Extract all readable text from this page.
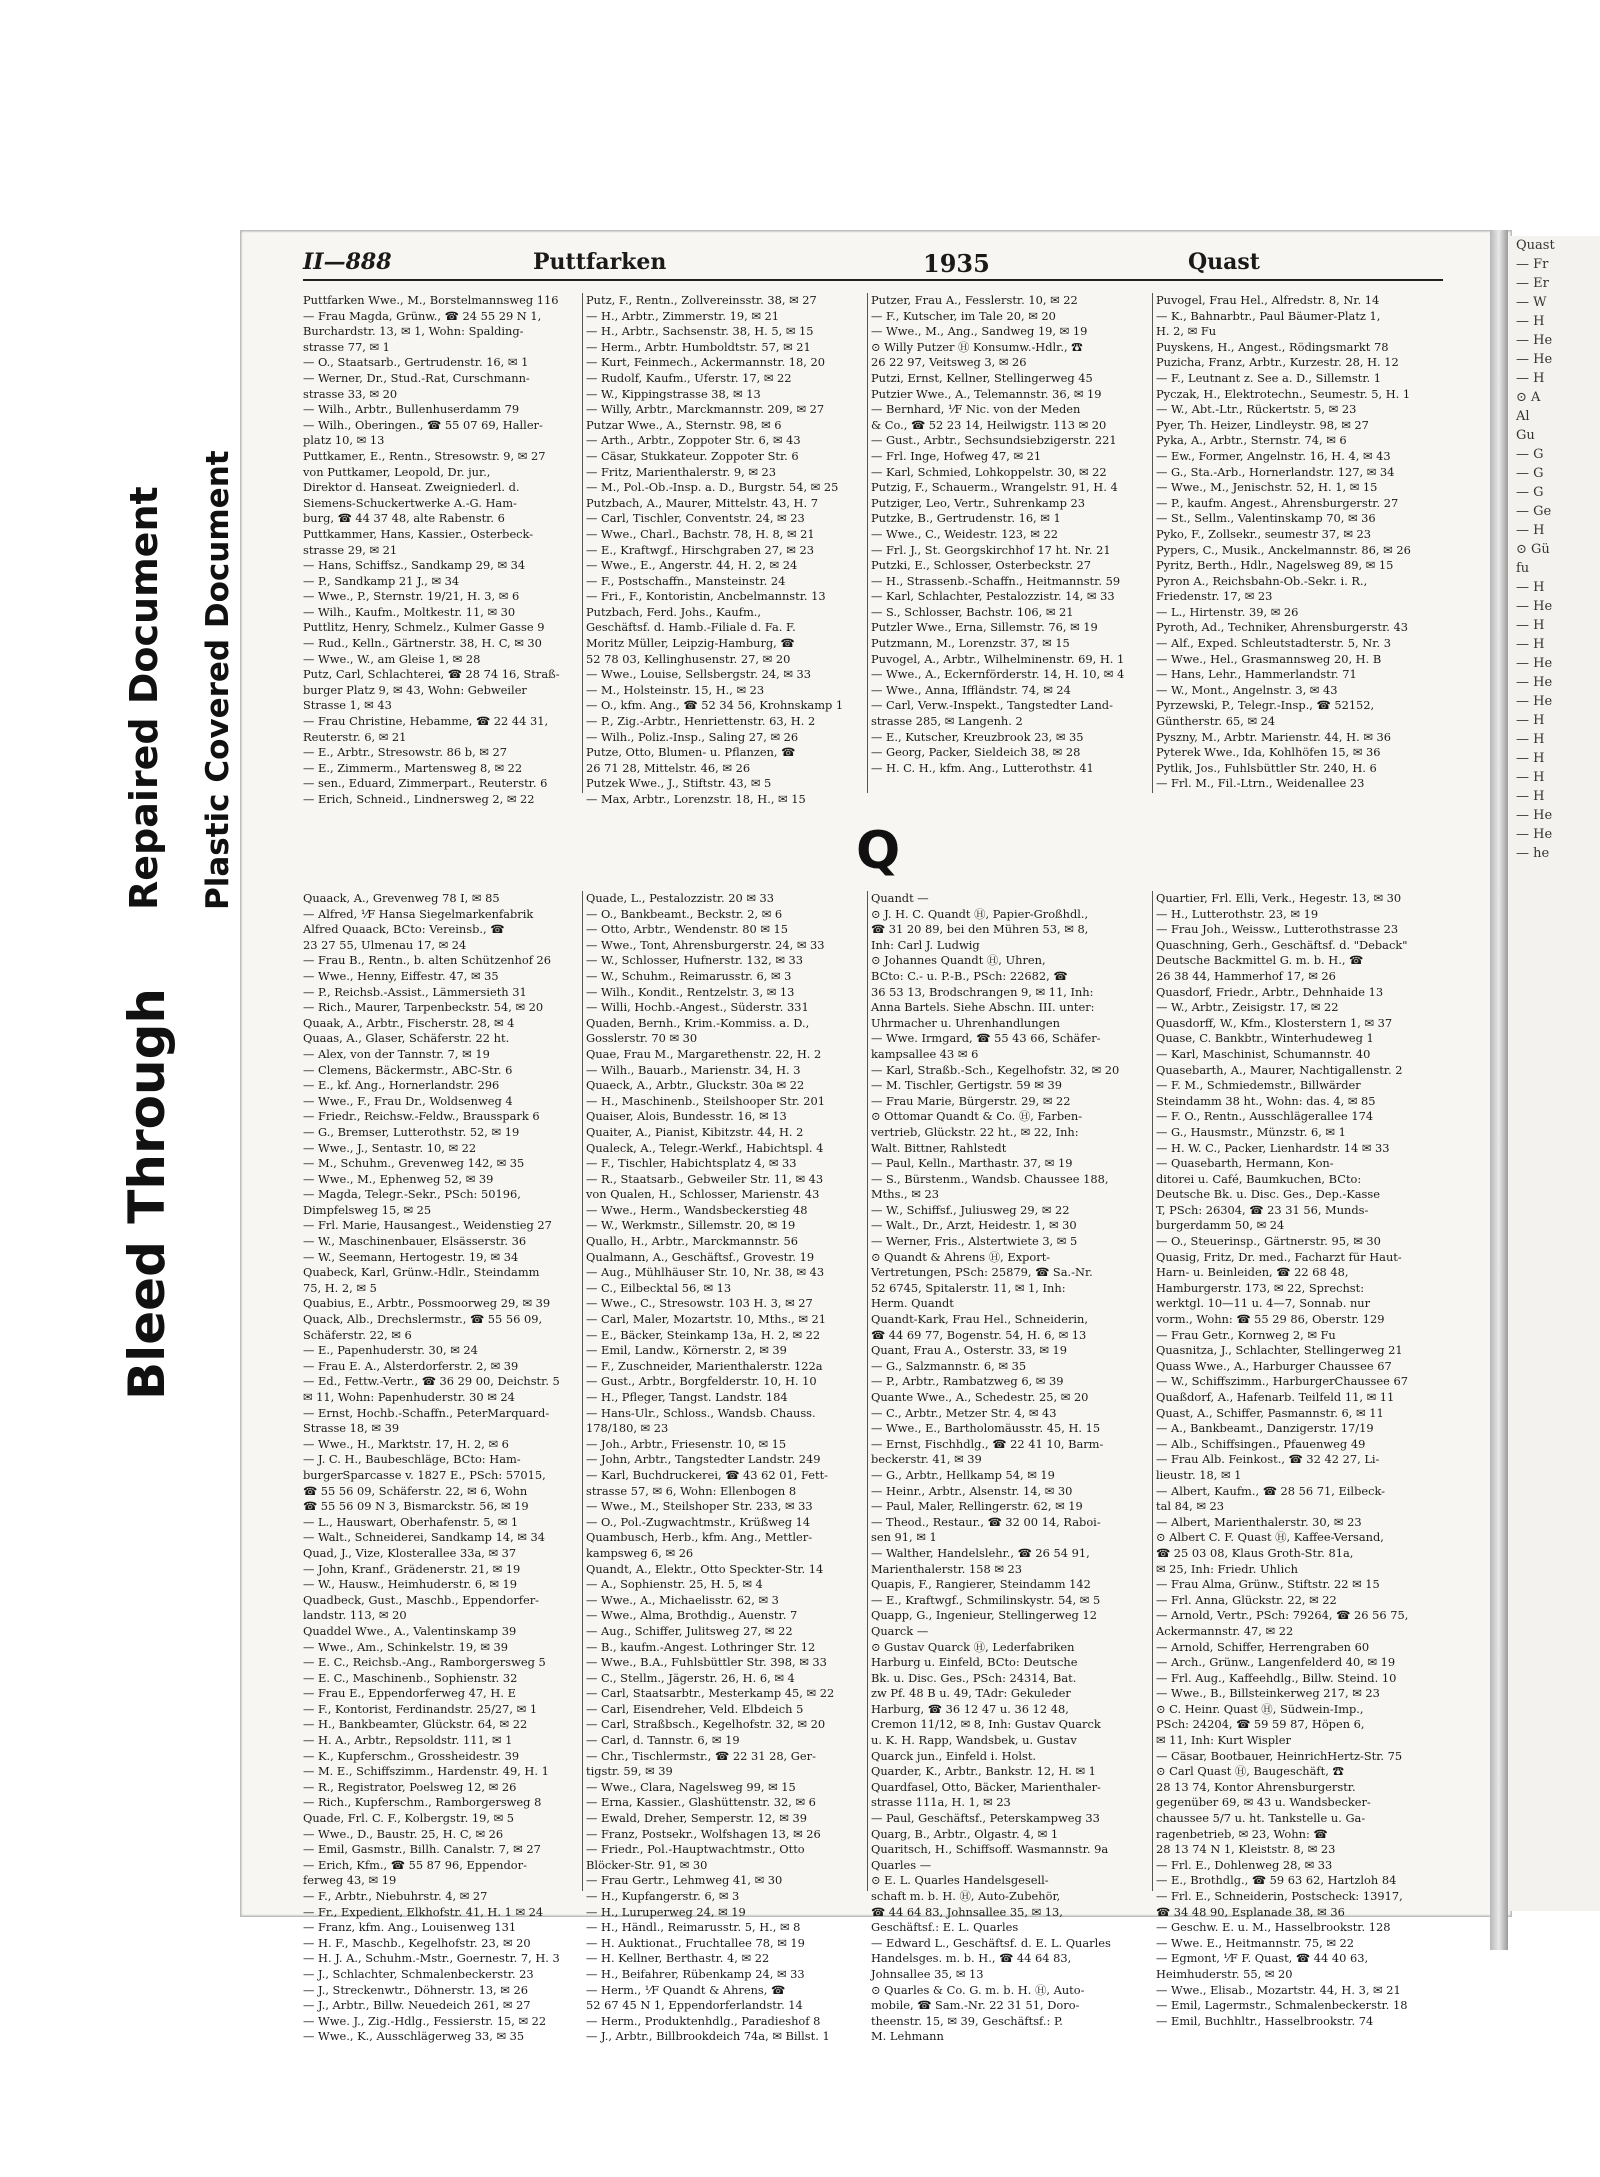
Bleed Through
Repaired Document Plastic Covered Document
II—888	Puttfarken	1935	Quast
Puttfarken Wwe., M., Borstelmannsweg 116
— Frau Magda, Grünw., ☎ 24 55 29 N 1,
Burchardstr. 13, ✉ 1, Wohn: Spalding-
strasse 77, ✉ 1
— O., Staatsarb., Gertrudenstr. 16, ✉ 1
— Werner, Dr., Stud.-Rat, Curschmann-
strasse 33, ✉ 20
— Wilh., Arbtr., Bullenhuserdamm 79
— Wilh., Oberingen., ☎ 55 07 69, Haller-
platz 10, ✉ 13
Puttkamer, E., Rentn., Stresowstr. 9, ✉ 27
von Puttkamer, Leopold, Dr. jur.,
Direktor d. Hanseat. Zweigniederl. d.
Siemens-Schuckertwerke A.-G. Ham-
burg, ☎ 44 37 48, alte Rabenstr. 6
Puttkammer, Hans, Kassier., Osterbeck-
strasse 29, ✉ 21
— Hans, Schiffsz., Sandkamp 29, ✉ 34
— P., Sandkamp 21 J., ✉ 34
— Wwe., P., Sternstr. 19/21, H. 3, ✉ 6
— Wilh., Kaufm., Moltkestr. 11, ✉ 30
Puttlitz, Henry, Schmelz., Kulmer Gasse 9
— Rud., Kelln., Gärtnerstr. 38, H. C, ✉ 30
— Wwe., W., am Gleise 1, ✉ 28
Putz, Carl, Schlachterei, ☎ 28 74 16, Straß-
burger Platz 9, ✉ 43, Wohn: Gebweiler
Strasse 1, ✉ 43
— Frau Christine, Hebamme, ☎ 22 44 31,
Reuterstr. 6, ✉ 21
— E., Arbtr., Stresowstr. 86 b, ✉ 27
— E., Zimmerm., Martensweg 8, ✉ 22
— sen., Eduard, Zimmerpart., Reuterstr. 6
— Erich, Schneid., Lindnersweg 2, ✉ 22
Putz, F., Rentn., Zollvereinsstr. 38, ✉ 27
— H., Arbtr., Zimmerstr. 19, ✉ 21
— H., Arbtr., Sachsenstr. 38, H. 5, ✉ 15
— Herm., Arbtr. Humboldtstr. 57, ✉ 21
— Kurt, Feinmech., Ackermannstr. 18, 20
— Rudolf, Kaufm., Uferstr. 17, ✉ 22
— W., Kippingstrasse 38, ✉ 13
— Willy, Arbtr., Marckmannstr. 209, ✉ 27
Putzar Wwe., A., Sternstr. 98, ✉ 6
— Arth., Arbtr., Zoppoter Str. 6, ✉ 43
— Cäsar, Stukkateur. Zoppoter Str. 6
— Fritz, Marienthalerstr. 9, ✉ 23
— M., Pol.-Ob.-Insp. a. D., Burgstr. 54, ✉ 25
Putzbach, A., Maurer, Mittelstr. 43, H. 7
— Carl, Tischler, Conventstr. 24, ✉ 23
— Wwe., Charl., Bachstr. 78, H. 8, ✉ 21
— E., Kraftwgf., Hirschgraben 27, ✉ 23
— Wwe., E., Angerstr. 44, H. 2, ✉ 24
— F., Postschaffn., Mansteinstr. 24
— Fri., F., Kontoristin, Ancbelmannstr. 13
Putzbach, Ferd. Johs., Kaufm.,
Geschäftsf. d. Hamb.-Filiale d. Fa. F.
Moritz Müller, Leipzig-Hamburg, ☎
52 78 03, Kellinghusenstr. 27, ✉ 20
— Wwe., Louise, Sellsbergstr. 24, ✉ 33
— M., Holsteinstr. 15, H., ✉ 23
— O., kfm. Ang., ☎ 52 34 56, Krohnskamp 1
— P., Zig.-Arbtr., Henriettenstr. 63, H. 2
— Wilh., Poliz.-Insp., Saling 27, ✉ 26
Putze, Otto, Blumen- u. Pflanzen, ☎
26 71 28, Mittelstr. 46, ✉ 26
Putzek Wwe., J., Stiftstr. 43, ✉ 5
— Max, Arbtr., Lorenzstr. 18, H., ✉ 15
Putzer, Frau A., Fesslerstr. 10, ✉ 22
— F., Kutscher, im Tale 20, ✉ 20
— Wwe., M., Ang., Sandweg 19, ✉ 19
⊙ Willy Putzer Ⓗ Konsumw.-Hdlr., ☎
26 22 97, Veitsweg 3, ✉ 26
Putzi, Ernst, Kellner, Stellingerweg 45
Putzier Wwe., A., Telemannstr. 36, ✉ 19
— Bernhard, ⅟F Nic. von der Meden
& Co., ☎ 52 23 14, Heilwigstr. 113 ✉ 20
— Gust., Arbtr., Sechsundsiebzigerstr. 221
— Frl. Inge, Hofweg 47, ✉ 21
— Karl, Schmied, Lohkoppelstr. 30, ✉ 22
Putzig, F., Schauerm., Wrangelstr. 91, H. 4
Putziger, Leo, Vertr., Suhrenkamp 23
Putzke, B., Gertrudenstr. 16, ✉ 1
— Wwe., C., Weidestr. 123, ✉ 22
— Frl. J., St. Georgskirchhof 17 ht. Nr. 21
Putzki, E., Schlosser, Osterbeckstr. 27
— H., Strassenb.-Schaffn., Heitmannstr. 59
— Karl, Schlachter, Pestalozzistr. 14, ✉ 33
— S., Schlosser, Bachstr. 106, ✉ 21
Putzler Wwe., Erna, Sillemstr. 76, ✉ 19
Putzmann, M., Lorenzstr. 37, ✉ 15
Puvogel, A., Arbtr., Wilhelminenstr. 69, H. 1
— Wwe., A., Eckernförderstr. 14, H. 10, ✉ 4
— Wwe., Anna, Iffländstr. 74, ✉ 24
— Carl, Verw.-Inspekt., Tangstedter Land-
strasse 285, ✉ Langenh. 2
— E., Kutscher, Kreuzbrook 23, ✉ 35
— Georg, Packer, Sieldeich 38, ✉ 28
— H. C. H., kfm. Ang., Lutterothstr. 41
Puvogel, Frau Hel., Alfredstr. 8, Nr. 14
— K., Bahnarbtr., Paul Bäumer-Platz 1,
H. 2, ✉ Fu
Puyskens, H., Angest., Rödingsmarkt 78
Puzicha, Franz, Arbtr., Kurzestr. 28, H. 12
— F., Leutnant z. See a. D., Sillemstr. 1
Pyczak, H., Elektrotechn., Seumestr. 5, H. 1
— W., Abt.-Ltr., Rückertstr. 5, ✉ 23
Pyer, Th. Heizer, Lindleystr. 98, ✉ 27
Pyka, A., Arbtr., Sternstr. 74, ✉ 6
— Ew., Former, Angelnstr. 16, H. 4, ✉ 43
— G., Sta.-Arb., Hornerlandstr. 127, ✉ 34
— Wwe., M., Jenischstr. 52, H. 1, ✉ 15
— P., kaufm. Angest., Ahrensburgerstr. 27
— St., Sellm., Valentinskamp 70, ✉ 36
Pyko, F., Zollsekr., seumestr 37, ✉ 23
Pypers, C., Musik., Anckelmannstr. 86, ✉ 26
Pyritz, Berth., Hdlr., Nagelsweg 89, ✉ 15
Pyron A., Reichsbahn-Ob.-Sekr. i. R.,
Friedenstr. 17, ✉ 23
— L., Hirtenstr. 39, ✉ 26
Pyroth, Ad., Techniker, Ahrensburgerstr. 43
— Alf., Exped. Schleutstadterstr. 5, Nr. 3
— Wwe., Hel., Grasmannsweg 20, H. B
— Hans, Lehr., Hammerlandstr. 71
— W., Mont., Angelnstr. 3, ✉ 43
Pyrzewski, P., Telegr.-Insp., ☎ 52152,
Güntherstr. 65, ✉ 24
Pyszny, M., Arbtr. Marienstr. 44, H. ✉ 36
Pyterek Wwe., Ida, Kohlhöfen 15, ✉ 36
Pytlik, Jos., Fuhlsbüttler Str. 240, H. 6
— Frl. M., Fil.-Ltrn., Weidenallee 23
Q
Quaack, A., Grevenweg 78 I, ✉ 85
— Alfred, ⅟F Hansa Siegelmarkenfabrik
Alfred Quaack, BCto: Vereinsb., ☎
23 27 55, Ulmenau 17, ✉ 24
— Frau B., Rentn., b. alten Schützenhof 26
— Wwe., Henny, Eiffestr. 47, ✉ 35
— P., Reichsb.-Assist., Lämmersieth 31
— Rich., Maurer, Tarpenbeckstr. 54, ✉ 20
Quaak, A., Arbtr., Fischerstr. 28, ✉ 4
Quaas, A., Glaser, Schäferstr. 22 ht.
— Alex, von der Tannstr. 7, ✉ 19
— Clemens, Bäckermstr., ABC-Str. 6
— E., kf. Ang., Hornerlandstr. 296
— Wwe., F., Frau Dr., Woldsenweg 4
— Friedr., Reichsw.-Feldw., Brausspark 6
— G., Bremser, Lutterothstr. 52, ✉ 19
— Wwe., J., Sentastr. 10, ✉ 22
— M., Schuhm., Grevenweg 142, ✉ 35
— Wwe., M., Ephenweg 52, ✉ 39
— Magda, Telegr.-Sekr., PSch: 50196,
Dimpfelsweg 15, ✉ 25
— Frl. Marie, Hausangest., Weidenstieg 27
— W., Maschinenbauer, Elsässerstr. 36
— W., Seemann, Hertogestr. 19, ✉ 34
Quabeck, Karl, Grünw.-Hdlr., Steindamm
75, H. 2, ✉ 5
Quabius, E., Arbtr., Possmoorweg 29, ✉ 39
Quack, Alb., Drechslermstr., ☎ 55 56 09,
Schäferstr. 22, ✉ 6
— E., Papenhuderstr. 30, ✉ 24
— Frau E. A., Alsterdorferstr. 2, ✉ 39
— Ed., Fettw.-Vertr., ☎ 36 29 00, Deichstr. 5
✉ 11, Wohn: Papenhuderstr. 30 ✉ 24
— Ernst, Hochb.-Schaffn., PeterMarquard-
Strasse 18, ✉ 39
— Wwe., H., Marktstr. 17, H. 2, ✉ 6
— J. C. H., Baubeschläge, BCto: Ham-
burgerSparcasse v. 1827 E., PSch: 57015,
☎ 55 56 09, Schäferstr. 22, ✉ 6, Wohn
☎ 55 56 09 N 3, Bismarckstr. 56, ✉ 19
— L., Hauswart, Oberhafenstr. 5, ✉ 1
— Walt., Schneiderei, Sandkamp 14, ✉ 34
Quad, J., Vize, Klosterallee 33a, ✉ 37
— John, Kranf., Grädenerstr. 21, ✉ 19
— W., Hausw., Heimhuderstr. 6, ✉ 19
Quadbeck, Gust., Maschb., Eppendorfer-
landstr. 113, ✉ 20
Quaddel Wwe., A., Valentinskamp 39
— Wwe., Am., Schinkelstr. 19, ✉ 39
— E. C., Reichsb.-Ang., Ramborgersweg 5
— E. C., Maschinenb., Sophienstr. 32
— Frau E., Eppendorferweg 47, H. E
— F., Kontorist, Ferdinandstr. 25/27, ✉ 1
— H., Bankbeamter, Glückstr. 64, ✉ 22
— H. A., Arbtr., Repsoldstr. 111, ✉ 1
— K., Kupferschm., Grossheidestr. 39
— M. E., Schiffszimm., Hardenstr. 49, H. 1
— R., Registrator, Poelsweg 12, ✉ 26
— Rich., Kupferschm., Ramborgersweg 8
Quade, Frl. C. F., Kolbergstr. 19, ✉ 5
— Wwe., D., Baustr. 25, H. C, ✉ 26
— Emil, Gasmstr., Billh. Canalstr. 7, ✉ 27
— Erich, Kfm., ☎ 55 87 96, Eppendor-
ferweg 43, ✉ 19
— F., Arbtr., Niebuhrstr. 4, ✉ 27
— Fr., Expedient, Elkhofstr. 41, H. 1 ✉ 24
— Franz, kfm. Ang., Louisenweg 131
— H. F., Maschb., Kegelhofstr. 23, ✉ 20
— H. J. A., Schuhm.-Mstr., Goernestr. 7, H. 3
— J., Schlachter, Schmalenbeckerstr. 23
— J., Streckenwtr., Döhnerstr. 13, ✉ 26
— J., Arbtr., Billw. Neuedeich 261, ✉ 27
— Wwe. J., Zig.-Hdlg., Fessierstr. 15, ✉ 22
— Wwe., K., Ausschlägerweg 33, ✉ 35
Quade, L., Pestalozzistr. 20 ✉ 33
— O., Bankbeamt., Beckstr. 2, ✉ 6
— Otto, Arbtr., Wendenstr. 80 ✉ 15
— Wwe., Tont, Ahrensburgerstr. 24, ✉ 33
— W., Schlosser, Hufnerstr. 132, ✉ 33
— W., Schuhm., Reimarusstr. 6, ✉ 3
— Wilh., Kondit., Rentzelstr. 3, ✉ 13
— Willi, Hochb.-Angest., Süderstr. 331
Quaden, Bernh., Krim.-Kommiss. a. D.,
Gosslerstr. 70 ✉ 30
Quae, Frau M., Margarethenstr. 22, H. 2
— Wilh., Bauarb., Marienstr. 34, H. 3
Quaeck, A., Arbtr., Gluckstr. 30a ✉ 22
— H., Maschinenb., Steilshooper Str. 201
Quaiser, Alois, Bundesstr. 16, ✉ 13
Quaiter, A., Pianist, Kibitzstr. 44, H. 2
Qualeck, A., Telegr.-Werkf., Habichtspl. 4
— F., Tischler, Habichtsplatz 4, ✉ 33
— R., Staatsarb., Gebweiler Str. 11, ✉ 43
von Qualen, H., Schlosser, Marienstr. 43
— Wwe., Herm., Wandsbeckerstieg 48
— W., Werkmstr., Sillemstr. 20, ✉ 19
Quallo, H., Arbtr., Marckmannstr. 56
Qualmann, A., Geschäftsf., Grovestr. 19
— Aug., Mühlhäuser Str. 10, Nr. 38, ✉ 43
— C., Eilbecktal 56, ✉ 13
— Wwe., C., Stresowstr. 103 H. 3, ✉ 27
— Carl, Maler, Mozartstr. 10, Mths., ✉ 21
— E., Bäcker, Steinkamp 13a, H. 2, ✉ 22
— Emil, Landw., Körnerstr. 2, ✉ 39
— F., Zuschneider, Marienthalerstr. 122a
— Gust., Arbtr., Borgfelderstr. 10, H. 10
— H., Pfleger, Tangst. Landstr. 184
— Hans-Ulr., Schloss., Wandsb. Chauss.
178/180, ✉ 23
— Joh., Arbtr., Friesenstr. 10, ✉ 15
— John, Arbtr., Tangstedter Landstr. 249
— Karl, Buchdruckerei, ☎ 43 62 01, Fett-
strasse 57, ✉ 6, Wohn: Ellenbogen 8
— Wwe., M., Steilshoper Str. 233, ✉ 33
— O., Pol.-Zugwachtmstr., Krüßweg 14
Quambusch, Herb., kfm. Ang., Mettler-
kampsweg 6, ✉ 26
Quandt, A., Elektr., Otto Speckter-Str. 14
— A., Sophienstr. 25, H. 5, ✉ 4
— Wwe., A., Michaelisstr. 62, ✉ 3
— Wwe., Alma, Brothdig., Auenstr. 7
— Aug., Schiffer, Julitsweg 27, ✉ 22
— B., kaufm.-Angest. Lothringer Str. 12
— Wwe., B.A., Fuhlsbüttler Str. 398, ✉ 33
— C., Stellm., Jägerstr. 26, H. 6, ✉ 4
— Carl, Staatsarbtr., Mesterkamp 45, ✉ 22
— Carl, Eisendreher, Veld. Elbdeich 5
— Carl, Straßbsch., Kegelhofstr. 32, ✉ 20
— Carl, d. Tannstr. 6, ✉ 19
— Chr., Tischlermstr., ☎ 22 31 28, Ger-
tigstr. 59, ✉ 39
— Wwe., Clara, Nagelsweg 99, ✉ 15
— Erna, Kassier., Glashüttenstr. 32, ✉ 6
— Ewald, Dreher, Semperstr. 12, ✉ 39
— Franz, Postsekr., Wolfshagen 13, ✉ 26
— Friedr., Pol.-Hauptwachtmstr., Otto
Blöcker-Str. 91, ✉ 30
— Frau Gertr., Lehmweg 41, ✉ 30
— H., Kupfangerstr. 6, ✉ 3
— H., Luruperweg 24, ✉ 19
— H., Händl., Reimarusstr. 5, H., ✉ 8
— H. Auktionat., Fruchtallee 78, ✉ 19
— H. Kellner, Berthastr. 4, ✉ 22
— H., Beifahrer, Rübenkamp 24, ✉ 33
— Herm., ⅟F Quandt & Ahrens, ☎
52 67 45 N 1, Eppendorferlandstr. 14
— Herm., Produktenhdlg., Paradieshof 8
— J., Arbtr., Billbrookdeich 74a, ✉ Billst. 1
Quandt —
⊙ J. H. C. Quandt Ⓗ, Papier-Großhdl.,
☎ 31 20 89, bei den Mühren 53, ✉ 8,
Inh: Carl J. Ludwig
⊙ Johannes Quandt Ⓗ, Uhren,
BCto: C.- u. P.-B., PSch: 22682, ☎
36 53 13, Brodschrangen 9, ✉ 11, Inh:
Anna Bartels. Siehe Abschn. III. unter:
Uhrmacher u. Uhrenhandlungen
— Wwe. Irmgard, ☎ 55 43 66, Schäfer-
kampsallee 43 ✉ 6
— Karl, Straßb.-Sch., Kegelhofstr. 32, ✉ 20
— M. Tischler, Gertigstr. 59 ✉ 39
— Frau Marie, Bürgerstr. 29, ✉ 22
⊙ Ottomar Quandt & Co. Ⓗ, Farben-
vertrieb, Glückstr. 22 ht., ✉ 22, Inh:
Walt. Bittner, Rahlstedt
— Paul, Kelln., Marthastr. 37, ✉ 19
— S., Bürstenm., Wandsb. Chaussee 188,
Mths., ✉ 23
— W., Schiffsf., Juliusweg 29, ✉ 22
— Walt., Dr., Arzt, Heidestr. 1, ✉ 30
— Werner, Fris., Alstertwiete 3, ✉ 5
⊙ Quandt & Ahrens Ⓗ, Export-
Vertretungen, PSch: 25879, ☎ Sa.-Nr.
52 6745, Spitalerstr. 11, ✉ 1, Inh:
Herm. Quandt
Quandt-Kark, Frau Hel., Schneiderin,
☎ 44 69 77, Bogenstr. 54, H. 6, ✉ 13
Quant, Frau A., Osterstr. 33, ✉ 19
— G., Salzmannstr. 6, ✉ 35
— P., Arbtr., Rambatzweg 6, ✉ 39
Quante Wwe., A., Schedestr. 25, ✉ 20
— C., Arbtr., Metzer Str. 4, ✉ 43
— Wwe., E., Bartholomäusstr. 45, H. 15
— Ernst, Fischhdlg., ☎ 22 41 10, Barm-
beckerstr. 41, ✉ 39
— G., Arbtr., Hellkamp 54, ✉ 19
— Heinr., Arbtr., Alsenstr. 14, ✉ 30
— Paul, Maler, Rellingerstr. 62, ✉ 19
— Theod., Restaur., ☎ 32 00 14, Raboi-
sen 91, ✉ 1
— Walther, Handelslehr., ☎ 26 54 91,
Marienthalerstr. 158 ✉ 23
Quapis, F., Rangierer, Steindamm 142
— E., Kraftwgf., Schmilinskystr. 54, ✉ 5
Quapp, G., Ingenieur, Stellingerweg 12
Quarck —
⊙ Gustav Quarck Ⓗ, Lederfabriken
Harburg u. Einfeld, BCto: Deutsche
Bk. u. Disc. Ges., PSch: 24314, Bat.
zw Pf. 48 B u. 49, TAdr: Gekuleder
Harburg, ☎ 36 12 47 u. 36 12 48,
Cremon 11/12, ✉ 8, Inh: Gustav Quarck
u. K. H. Rapp, Wandsbek, u. Gustav
Quarck jun., Einfeld i. Holst.
Quarder, K., Arbtr., Bankstr. 12, H. ✉ 1
Quardfasel, Otto, Bäcker, Marienthaler-
strasse 111a, H. 1, ✉ 23
— Paul, Geschäftsf., Peterskampweg 33
Quarg, B., Arbtr., Olgastr. 4, ✉ 1
Quaritsch, H., Schiffsoff. Wasmannstr. 9a
Quarles —
⊙ E. L. Quarles Handelsgesell-
schaft m. b. H. Ⓗ, Auto-Zubehör,
☎ 44 64 83, Johnsallee 35, ✉ 13,
Geschäftsf.: E. L. Quarles
— Edward L., Geschäftsf. d. E. L. Quarles
Handelsges. m. b. H., ☎ 44 64 83,
Johnsallee 35, ✉ 13
⊙ Quarles & Co. G. m. b. H. Ⓗ, Auto-
mobile, ☎ Sam.-Nr. 22 31 51, Doro-
theenstr. 15, ✉ 39, Geschäftsf.: P.
M. Lehmann
Quartier, Frl. Elli, Verk., Hegestr. 13, ✉ 30
— H., Lutterothstr. 23, ✉ 19
— Frau Joh., Weissw., Lutterothstrasse 23
Quaschning, Gerh., Geschäftsf. d. "Deback"
Deutsche Backmittel G. m. b. H., ☎
26 38 44, Hammerhof 17, ✉ 26
Quasdorf, Friedr., Arbtr., Dehnhaide 13
— W., Arbtr., Zeisigstr. 17, ✉ 22
Quasdorff, W., Kfm., Klosterstern 1, ✉ 37
Quase, C. Bankbtr., Winterhudeweg 1
— Karl, Maschinist, Schumannstr. 40
Quasebarth, A., Maurer, Nachtigallenstr. 2
— F. M., Schmiedemstr., Billwärder
Steindamm 38 ht., Wohn: das. 4, ✉ 85
— F. O., Rentn., Ausschlägerallee 174
— G., Hausmstr., Münzstr. 6, ✉ 1
— H. W. C., Packer, Lienhardstr. 14 ✉ 33
— Quasebarth, Hermann, Kon-
ditorei u. Café, Baumkuchen, BCto:
Deutsche Bk. u. Disc. Ges., Dep.-Kasse
T, PSch: 26304, ☎ 23 31 56, Munds-
burgerdamm 50, ✉ 24
— O., Steuerinsp., Gärtnerstr. 95, ✉ 30
Quasig, Fritz, Dr. med., Facharzt für Haut-
Harn- u. Beinleiden, ☎ 22 68 48,
Hamburgerstr. 173, ✉ 22, Sprechst:
werktgl. 10—11 u. 4—7, Sonnab. nur
vorm., Wohn: ☎ 55 29 86, Oberstr. 129
— Frau Getr., Kornweg 2, ✉ Fu
Quasnitza, J., Schlachter, Stellingerweg 21
Quass Wwe., A., Harburger Chaussee 67
— W., Schiffszimm., HarburgerChaussee 67
Quaßdorf, A., Hafenarb. Teilfeld 11, ✉ 11
Quast, A., Schiffer, Pasmannstr. 6, ✉ 11
— A., Bankbeamt., Danzigerstr. 17/19
— Alb., Schiffsingen., Pfauenweg 49
— Frau Alb. Feinkost., ☎ 32 42 27, Li-
lieustr. 18, ✉ 1
— Albert, Kaufm., ☎ 28 56 71, Eilbeck-
tal 84, ✉ 23
— Albert, Marienthalerstr. 30, ✉ 23
⊙ Albert C. F. Quast Ⓗ, Kaffee-Versand,
☎ 25 03 08, Klaus Groth-Str. 81a,
✉ 25, Inh: Friedr. Uhlich
— Frau Alma, Grünw., Stiftstr. 22 ✉ 15
— Frl. Anna, Glückstr. 22, ✉ 22
— Arnold, Vertr., PSch: 79264, ☎ 26 56 75,
Ackermannstr. 47, ✉ 22
— Arnold, Schiffer, Herrengraben 60
— Arch., Grünw., Langenfelderd 40, ✉ 19
— Frl. Aug., Kaffeehdlg., Billw. Steind. 10
— Wwe., B., Billsteinkerweg 217, ✉ 23
⊙ C. Heinr. Quast Ⓗ, Südwein-Imp.,
PSch: 24204, ☎ 59 59 87, Höpen 6,
✉ 11, Inh: Kurt Wispler
— Cäsar, Bootbauer, HeinrichHertz-Str. 75
⊙ Carl Quast Ⓗ, Baugeschäft, ☎
28 13 74, Kontor Ahrensburgerstr.
gegenüber 69, ✉ 43 u. Wandsbecker-
chaussee 5/7 u. ht. Tankstelle u. Ga-
ragenbetrieb, ✉ 23, Wohn: ☎
28 13 74 N 1, Kleiststr. 8, ✉ 23
— Frl. E., Dohlenweg 28, ✉ 33
— E., Brothdlg., ☎ 59 63 62, Hartzloh 84
— Frl. E., Schneiderin, Postscheck: 13917,
☎ 34 48 90, Esplanade 38, ✉ 36
— Geschw. E. u. M., Hasselbrookstr. 128
— Wwe. E., Heitmannstr. 75, ✉ 22
— Egmont, ⅟F F. Quast, ☎ 44 40 63,
Heimhuderstr. 55, ✉ 20
— Wwe., Elisab., Mozartstr. 44, H. 3, ✉ 21
— Emil, Lagermstr., Schmalenbeckerstr. 18
— Emil, Buchhltr., Hasselbrookstr. 74
Quast
— Fr
— Er
— W
— H
— He
— He
— H
⊙ A
Al
Gu
— G
— G
— G
— Ge
— H
⊙ Gü
fu
— H
— He
— H
— H
— He
— He
— He
— H
— H
— H
— H
— H
— He
— He
— he
